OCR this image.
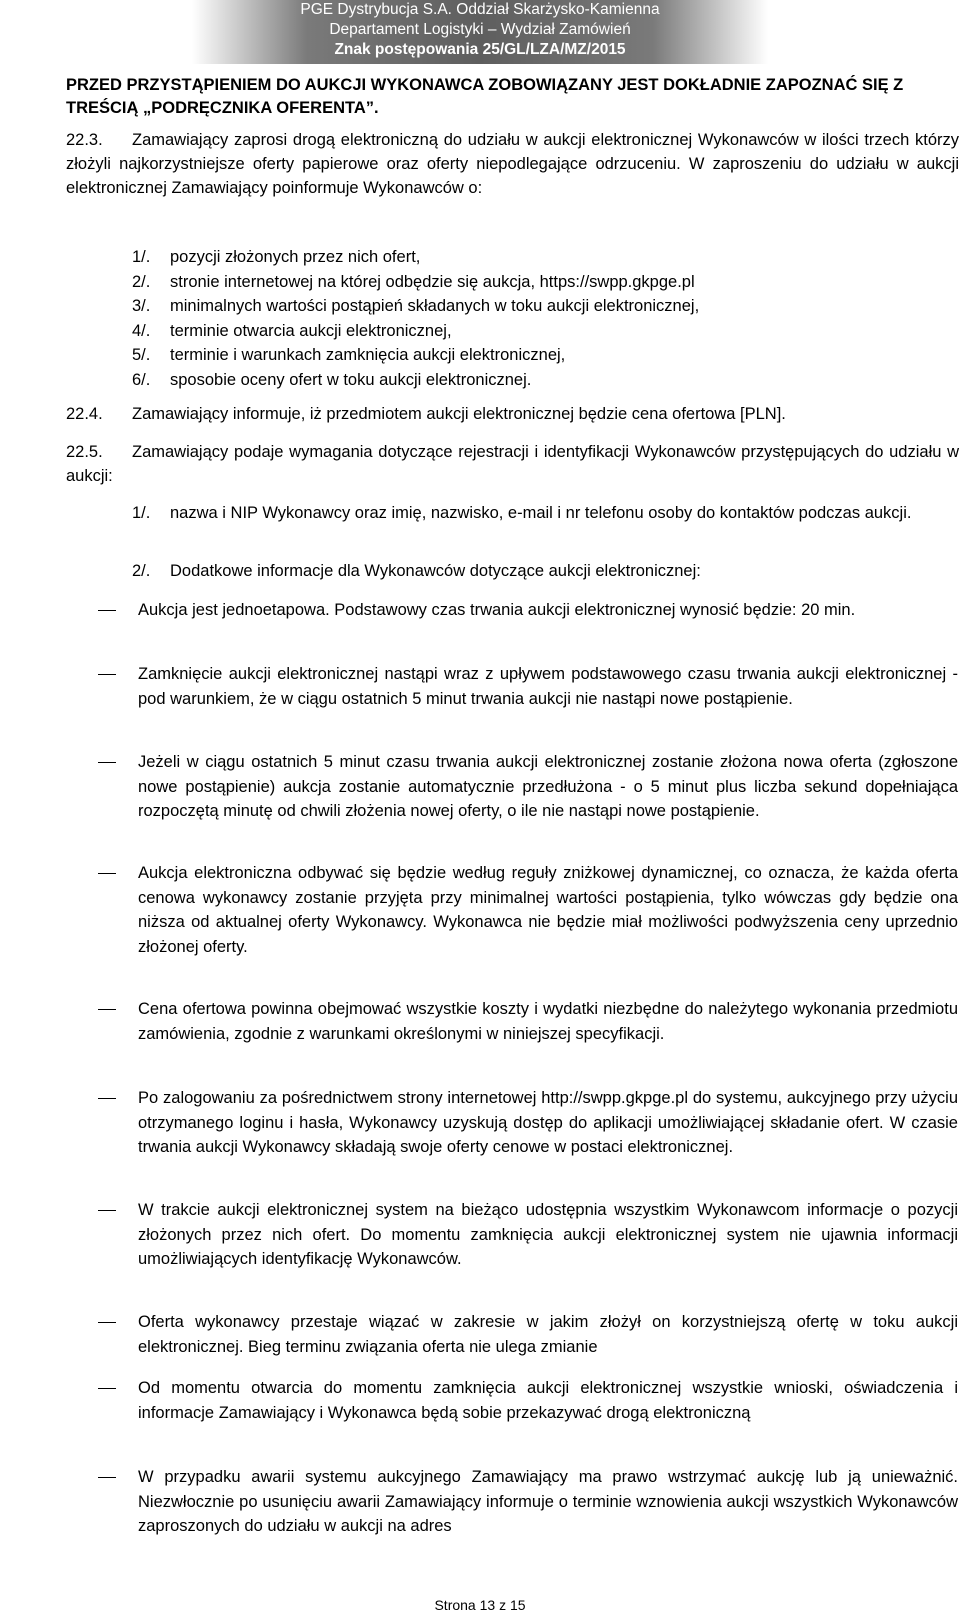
PGE Dystrybucja S.A. Oddział Skarżysko-Kamienna
Departament Logistyki – Wydział Zamówień
Znak postępowania 25/GL/LZA/MZ/2015
PRZED PRZYSTĄPIENIEM DO AUKCJI WYKONAWCA ZOBOWIĄZANY JEST DOKŁADNIE ZAPOZNAĆ SIĘ Z TREŚCIĄ „PODRĘCZNIKA OFERENTA”.
22.3.	Zamawiający zaprosi drogą elektroniczną do udziału w aukcji elektronicznej Wykonawców w ilości trzech którzy złożyli najkorzystniejsze oferty papierowe oraz oferty niepodlegające odrzuceniu. W zaproszeniu do udziału w aukcji elektronicznej Zamawiający poinformuje Wykonawców o:
1/.	pozycji złożonych przez nich ofert,
2/.	stronie internetowej na której odbędzie się aukcja, https://swpp.gkpge.pl
3/.	minimalnych wartości postąpień składanych w toku aukcji elektronicznej,
4/.	terminie otwarcia aukcji elektronicznej,
5/.	terminie i warunkach zamknięcia aukcji elektronicznej,
6/.	sposobie oceny ofert w toku aukcji elektronicznej.
22.4. Zamawiający informuje, iż przedmiotem aukcji elektronicznej będzie cena ofertowa [PLN].
22.5.	Zamawiający podaje wymagania dotyczące rejestracji i identyfikacji Wykonawców przystępujących do udziału w aukcji:
1/. nazwa i NIP Wykonawcy oraz imię, nazwisko, e-mail i nr telefonu osoby do kontaktów podczas aukcji.
2/. Dodatkowe informacje dla Wykonawców dotyczące aukcji elektronicznej:
Aukcja jest jednoetapowa. Podstawowy czas trwania aukcji elektronicznej wynosić będzie: 20 min.
Zamknięcie aukcji elektronicznej nastąpi wraz z upływem podstawowego czasu trwania aukcji elektronicznej - pod warunkiem, że w ciągu ostatnich 5 minut trwania aukcji nie nastąpi nowe postąpienie.
Jeżeli w ciągu ostatnich 5 minut czasu trwania aukcji elektronicznej zostanie złożona nowa oferta (zgłoszone nowe postąpienie) aukcja zostanie automatycznie przedłużona - o 5 minut plus liczba sekund dopełniająca rozpoczętą minutę od chwili złożenia nowej oferty, o ile nie nastąpi nowe postąpienie.
Aukcja elektroniczna odbywać się będzie według reguły zniżkowej dynamicznej, co oznacza, że każda oferta cenowa wykonawcy zostanie przyjęta przy minimalnej wartości postąpienia, tylko wówczas gdy będzie ona niższa od aktualnej oferty Wykonawcy. Wykonawca nie będzie miał możliwości podwyższenia ceny uprzednio złożonej oferty.
Cena ofertowa powinna obejmować wszystkie koszty i wydatki niezbędne do należytego wykonania przedmiotu zamówienia, zgodnie z warunkami określonymi w niniejszej specyfikacji.
Po zalogowaniu za pośrednictwem strony internetowej http://swpp.gkpge.pl do systemu, aukcyjnego przy użyciu otrzymanego loginu i hasła, Wykonawcy uzyskują dostęp do aplikacji umożliwiającej składanie ofert. W czasie trwania aukcji Wykonawcy składają swoje oferty cenowe w postaci elektronicznej.
W trakcie aukcji elektronicznej system na bieżąco udostępnia wszystkim Wykonawcom informacje o pozycji złożonych przez nich ofert. Do momentu zamknięcia aukcji elektronicznej system nie ujawnia informacji umożliwiających identyfikację Wykonawców.
Oferta wykonawcy przestaje wiązać w zakresie w jakim złożył on korzystniejszą ofertę w toku aukcji elektronicznej. Bieg terminu związania oferta nie ulega zmianie
Od momentu otwarcia do momentu zamknięcia aukcji elektronicznej wszystkie wnioski, oświadczenia i informacje Zamawiający i Wykonawca będą sobie przekazywać drogą elektroniczną
W przypadku awarii systemu aukcyjnego Zamawiający ma prawo wstrzymać aukcję lub ją unieważnić. Niezwłocznie po usunięciu awarii Zamawiający informuje o terminie wznowienia aukcji wszystkich Wykonawców zaproszonych do udziału w aukcji na adres
Strona 13 z 15
